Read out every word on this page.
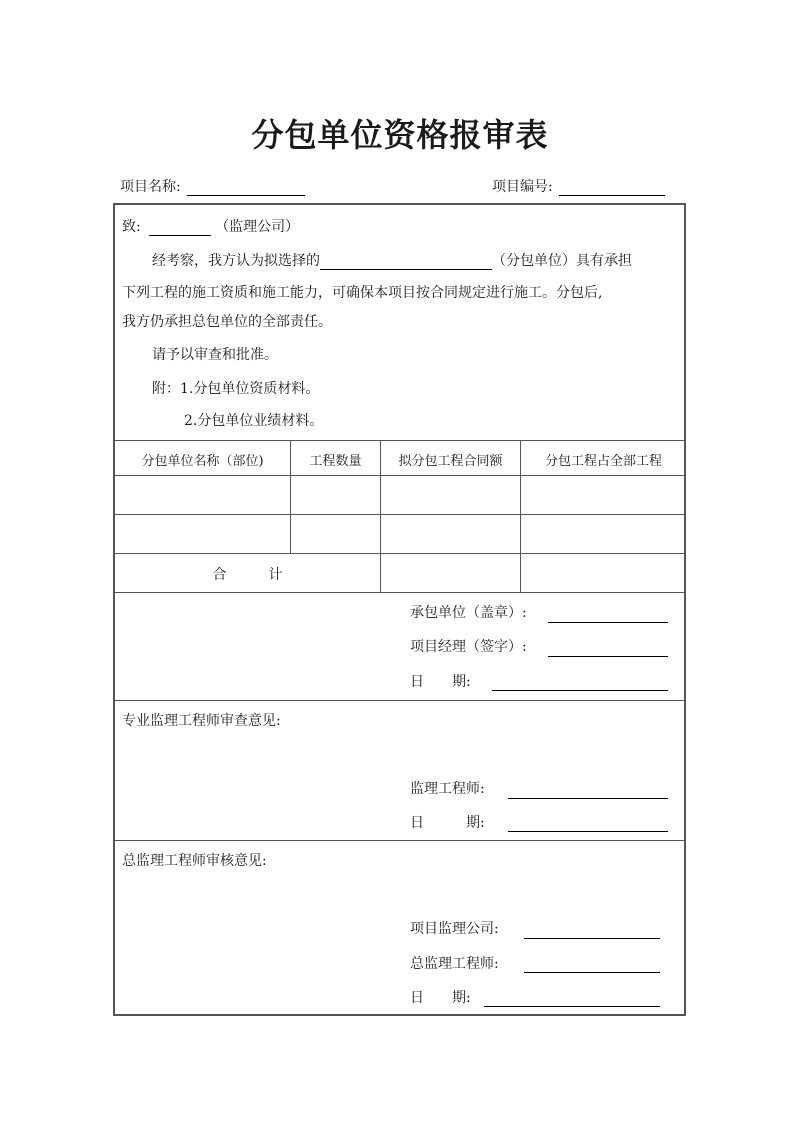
分包单位资格报审表
项目名称:	项目编号:
致:	（监理公司）
经考察，我方认为拟选择的	（分包单位）具有承担
下列工程的施工资质和施工能力，可确保本项目按合同规定进行施工。分包后,
我方仍承担总包单位的全部责任。
请予以审查和批准。
附：1.分包单位资质材料。
2.分包单位业绩材料。
分包单位名称（部位)	工程数量	拟分包工程合同额	分包工程占全部工程
合　　　计
承包单位（盖章）:
项目经理（签字）:
日　　期:
专业监理工程师审查意见:
监理工程师:
日　　　期:
总监理工程师审核意见:
项目监理公司:
总监理工程师:
日　　期:
